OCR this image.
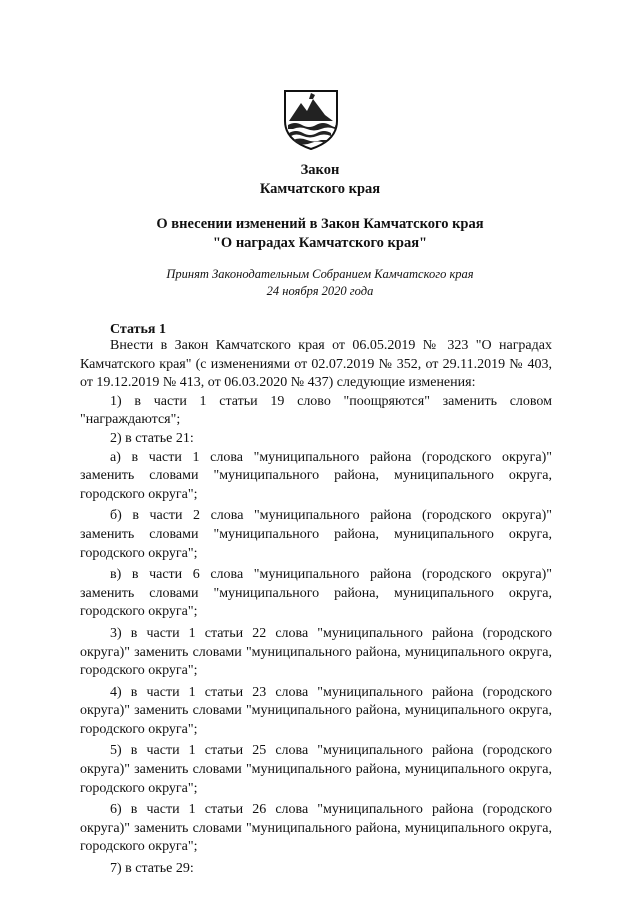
Закон
Камчатского края
О внесении изменений в Закон Камчатского края
"О наградах Камчатского края"
Принят Законодательным Собранием Камчатского края
24 ноября 2020 года
Статья 1

Внести в Закон Камчатского края от 06.05.2019 № 323 "О наградах Камчатского края" (с изменениями от 02.07.2019 № 352, от 29.11.2019 № 403, от 19.12.2019 № 413, от 06.03.2020 № 437) следующие изменения:

1) в части 1 статьи 19 слово "поощряются" заменить словом "награждаются";

2) в статье 21:

а) в части 1 слова "муниципального района (городского округа)" заменить словами "муниципального района, муниципального округа, городского округа";

б) в части 2 слова "муниципального района (городского округа)" заменить словами "муниципального района, муниципального округа, городского округа";

в) в части 6 слова "муниципального района (городского округа)" заменить словами "муниципального района, муниципального округа, городского округа";

3) в части 1 статьи 22 слова "муниципального района (городского округа)" заменить словами "муниципального района, муниципального округа, городского округа";

4) в части 1 статьи 23 слова "муниципального района (городского округа)" заменить словами "муниципального района, муниципального округа, городского округа";

5) в части 1 статьи 25 слова "муниципального района (городского округа)" заменить словами "муниципального района, муниципального округа, городского округа";

6) в части 1 статьи 26 слова "муниципального района (городского округа)" заменить словами "муниципального района, муниципального округа, городского округа";

7) в статье 29:
